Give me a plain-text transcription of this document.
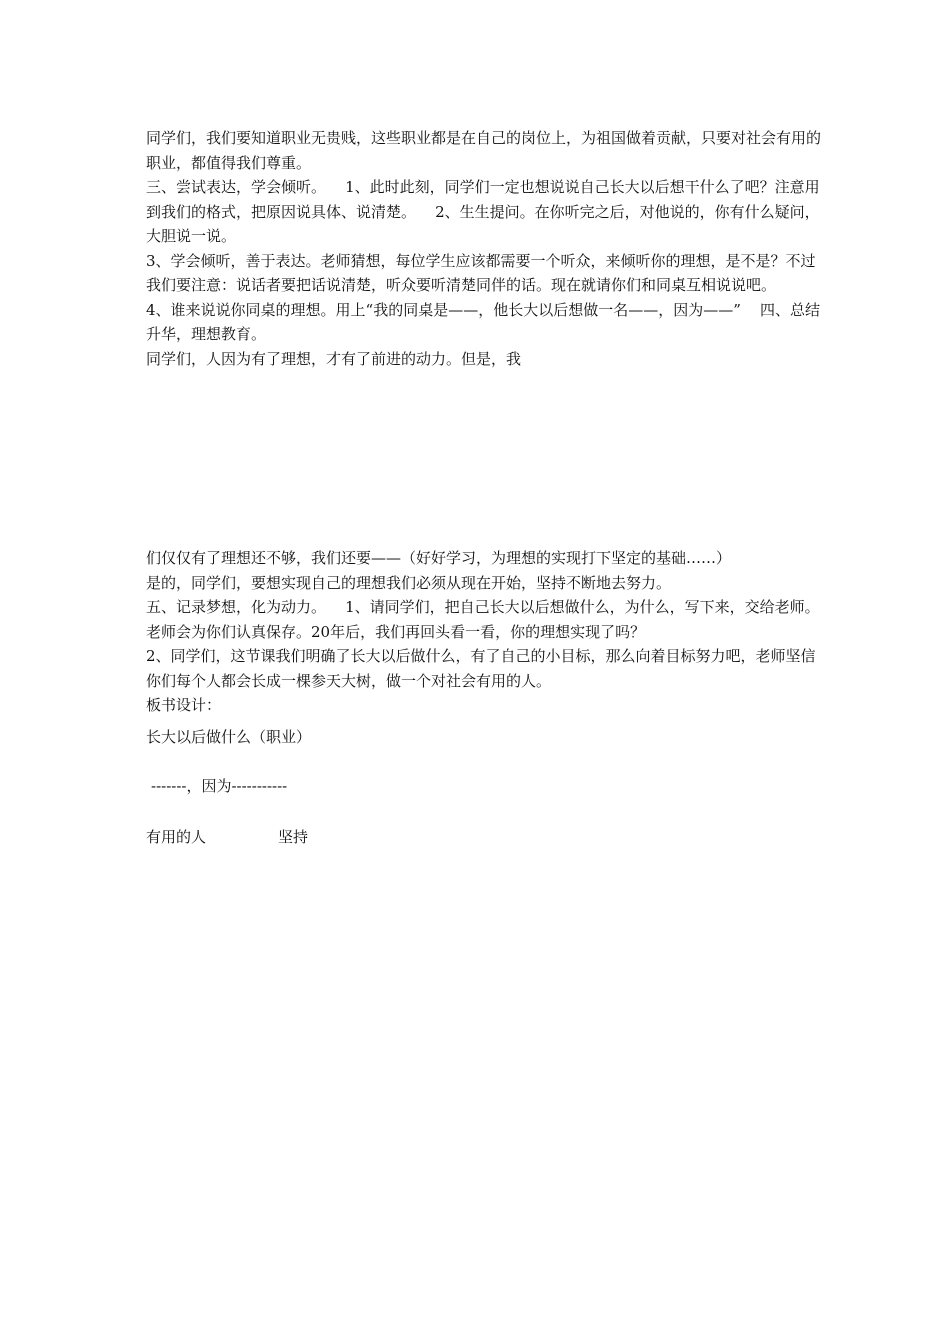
同学们，我们要知道职业无贵贱，这些职业都是在自己的岗位上，为祖国做着贡献，只要对社会有用的职业，都值得我们尊重。

三、尝试表达，学会倾听。    1、此时此刻，同学们一定也想说说自己长大以后想干什么了吧？注意用到我们的格式，把原因说具体、说清楚。    2、生生提问。在你听完之后，对他说的，你有什么疑问，大胆说一说。

3、学会倾听，善于表达。老师猜想，每位学生应该都需要一个听众，来倾听你的理想，是不是？不过我们要注意：说话者要把话说清楚，听众要听清楚同伴的话。现在就请你们和同桌互相说说吧。

4、谁来说说你同桌的理想。用上“我的同桌是——，他长大以后想做一名——，因为——”    四、总结升华，理想教育。

同学们，人因为有了理想，才有了前进的动力。但是，我

们仅仅有了理想还不够，我们还要——（好好学习，为理想的实现打下坚定的基础……）

是的，同学们，要想实现自己的理想我们必须从现在开始，坚持不断地去努力。

五、记录梦想，化为动力。    1、请同学们，把自己长大以后想做什么，为什么，写下来，交给老师。老师会为你们认真保存。20年后，我们再回头看一看，你的理想实现了吗？

2、同学们，这节课我们明确了长大以后做什么，有了自己的小目标，那么向着目标努力吧，老师坚信你们每个人都会长成一棵参天大树，做一个对社会有用的人。

板书设计：

长大以后做什么（职业）
-------，因为-----------
有用的人	坚持
